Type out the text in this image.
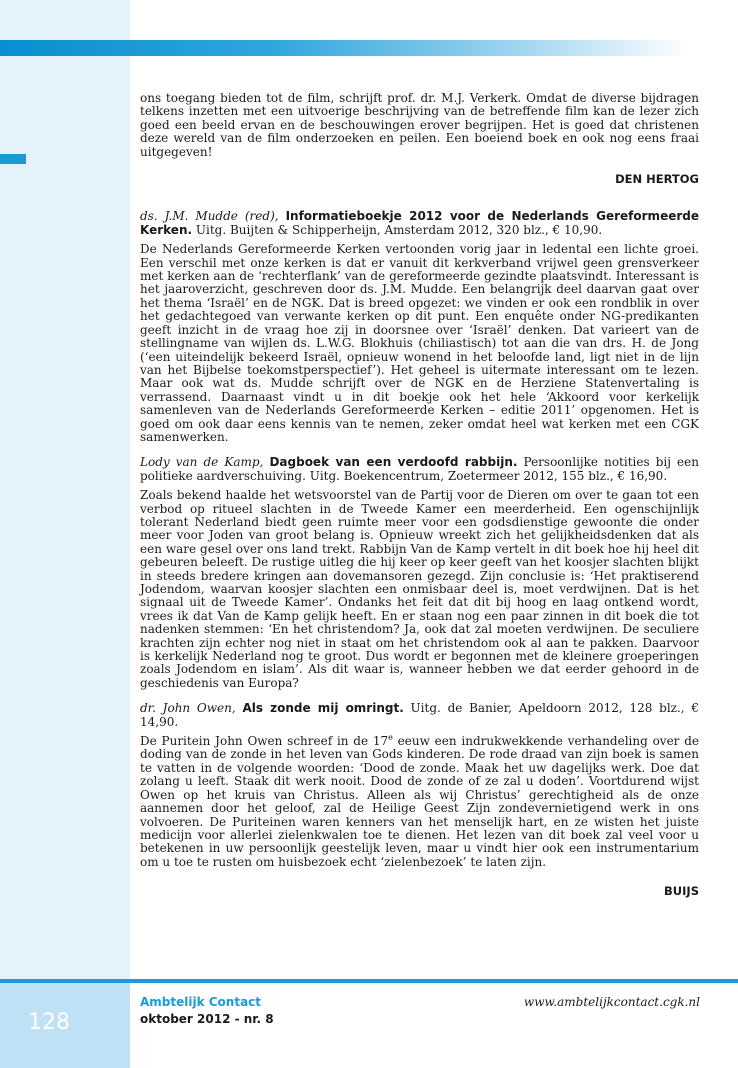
ons toegang bieden tot de film, schrijft prof. dr. M.J. Verkerk. Omdat de diverse bijdragen telkens inzetten met een uitvoerige beschrijving van de betreffende film kan de lezer zich goed een beeld ervan en de beschouwingen erover begrijpen. Het is goed dat christenen deze wereld van de film onderzoeken en peilen. Een boeiend boek en ook nog eens fraai uitgegeven!

DEN HERTOG

ds. J.M. Mudde (red), Informatieboekje 2012 voor de Nederlands Gereformeerde Kerken. Uitg. Buijten & Schipperheijn, Amsterdam 2012, 320 blz., € 10,90.

De Nederlands Gereformeerde Kerken vertoonden vorig jaar in ledental een lichte groei. Een verschil met onze kerken is dat er vanuit dit kerkverband vrijwel geen grensverkeer met kerken aan de ‘rechterflank’ van de gereformeerde gezindte plaatsvindt. Interessant is het jaaroverzicht, geschreven door ds. J.M. Mudde. Een belangrijk deel daarvan gaat over het thema ‘Israël’ en de NGK. Dat is breed opgezet: we vinden er ook een rondblik in over het gedachtegoed van verwante kerken op dit punt. Een enquête onder NG-predikanten geeft inzicht in de vraag hoe zij in doorsnee over ‘Israël’ denken. Dat varieert van de stellingname van wijlen ds. L.W.G. Blokhuis (chiliastisch) tot aan die van drs. H. de Jong (‘een uiteindelijk bekeerd Israël, opnieuw wonend in het beloofde land, ligt niet in de lijn van het Bijbelse toekomstperspectief’). Het geheel is uitermate interessant om te lezen. Maar ook wat ds. Mudde schrijft over de NGK en de Herziene Statenvertaling is verrassend. Daarnaast vindt u in dit boekje ook het hele ‘Akkoord voor kerkelijk samenleven van de Nederlands Gereformeerde Kerken – editie 2011’ opgenomen. Het is goed om ook daar eens kennis van te nemen, zeker omdat heel wat kerken met een CGK samenwerken.

Lody van de Kamp, Dagboek van een verdoofd rabbijn. Persoonlijke notities bij een politieke aardverschuiving. Uitg. Boekencentrum, Zoetermeer 2012, 155 blz., € 16,90.

Zoals bekend haalde het wetsvoorstel van de Partij voor de Dieren om over te gaan tot een verbod op ritueel slachten in de Tweede Kamer een meerderheid. Een ogenschijnlijk tolerant Nederland biedt geen ruimte meer voor een godsdienstige gewoonte die onder meer voor Joden van groot belang is. Opnieuw wreekt zich het gelijkheidsdenken dat als een ware gesel over ons land trekt. Rabbijn Van de Kamp vertelt in dit boek hoe hij heel dit gebeuren beleeft. De rustige uitleg die hij keer op keer geeft van het koosjer slachten blijkt in steeds bredere kringen aan dovemansoren gezegd. Zijn conclusie is: ‘Het praktiserend Jodendom, waarvan koosjer slachten een onmisbaar deel is, moet verdwijnen. Dat is het signaal uit de Tweede Kamer’. Ondanks het feit dat dit bij hoog en laag ontkend wordt, vrees ik dat Van de Kamp gelijk heeft. En er staan nog een paar zinnen in dit boek die tot nadenken stemmen: ‘En het christendom? Ja, ook dat zal moeten verdwijnen. De seculiere krachten zijn echter nog niet in staat om het christendom ook al aan te pakken. Daarvoor is kerkelijk Nederland nog te groot. Dus wordt er begonnen met de kleinere groeperingen zoals Jodendom en islam’. Als dit waar is, wanneer hebben we dat eerder gehoord in de geschiedenis van Europa?

dr. John Owen, Als zonde mij omringt. Uitg. de Banier, Apeldoorn 2012, 128 blz., € 14,90.

De Puritein John Owen schreef in de 17e eeuw een indrukwekkende verhandeling over de doding van de zonde in het leven van Gods kinderen. De rode draad van zijn boek is samen te vatten in de volgende woorden: ‘Dood de zonde. Maak het uw dagelijks werk. Doe dat zolang u leeft. Staak dit werk nooit. Dood de zonde of ze zal u doden’. Voortdurend wijst Owen op het kruis van Christus. Alleen als wij Christus’ gerechtigheid als de onze aannemen door het geloof, zal de Heilige Geest Zijn zondevernietigend werk in ons volvoeren. De Puriteinen waren kenners van het menselijk hart, en ze wisten het juiste medicijn voor allerlei zielenkwalen toe te dienen. Het lezen van dit boek zal veel voor u betekenen in uw persoonlijk geestelijk leven, maar u vindt hier ook een instrumentarium om u toe te rusten om huisbezoek echt ‘zielenbezoek’ te laten zijn.

BUIJS

128
Ambtelijk Contact
oktober 2012 - nr. 8
www.ambtelijkcontact.cgk.nl
